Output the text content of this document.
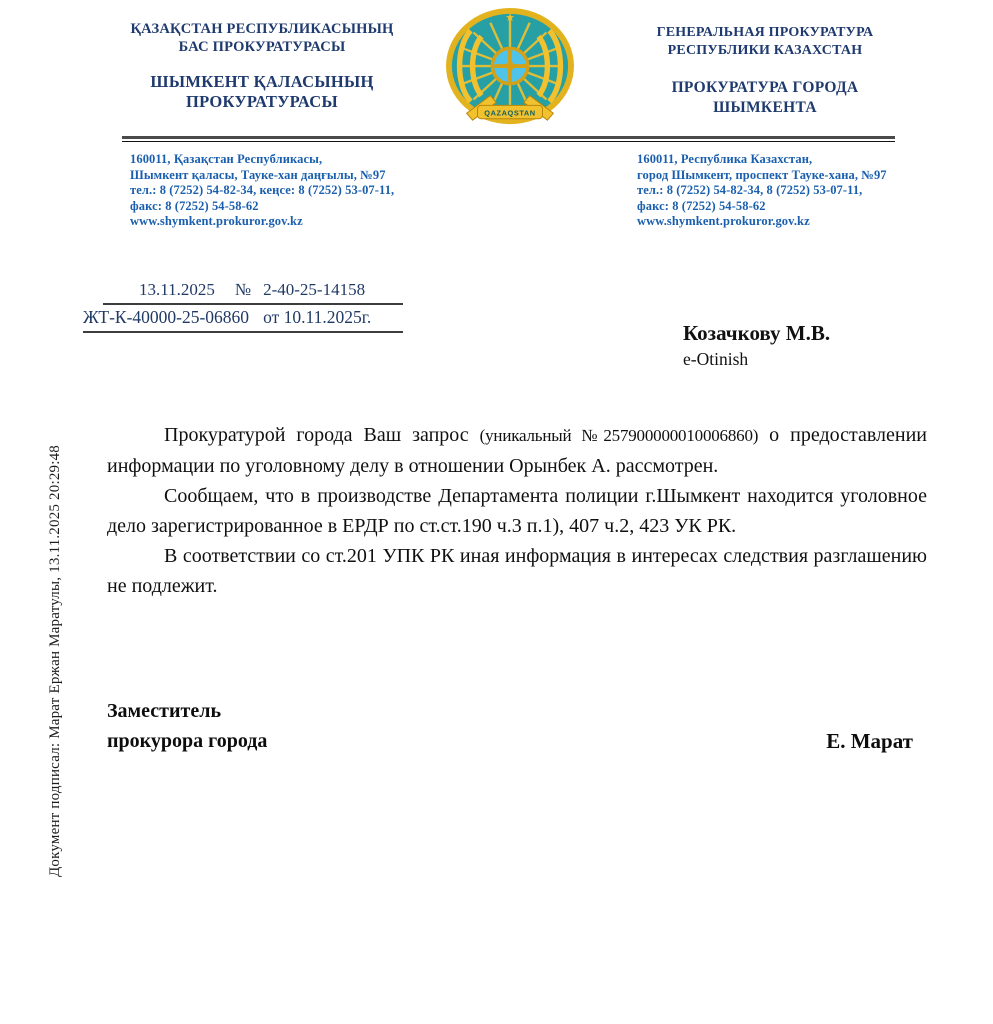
ҚАЗАҚСТАН РЕСПУБЛИКАСЫНЫҢ
БАС ПРОКУРАТУРАСЫ
ШЫМКЕНТ ҚАЛАСЫНЫҢ
ПРОКУРАТУРАСЫ
★
QAZAQSTAN
ГЕНЕРАЛЬНАЯ ПРОКУРАТУРА
РЕСПУБЛИКИ КАЗАХСТАН
ПРОКУРАТУРА ГОРОДА
ШЫМКЕНТА
160011, Қазақстан Республикасы,
Шымкент қаласы, Тауке-хан даңғылы, №97
тел.: 8 (7252) 54-82-34, кеңсе: 8 (7252) 53-07-11,
факс: 8 (7252) 54-58-62
www.shymkent.prokuror.gov.kz
160011, Республика Казахстан,
город Шымкент, проспект Тауке-хана, №97
тел.: 8 (7252) 54-82-34, 8 (7252) 53-07-11,
факс: 8 (7252) 54-58-62
www.shymkent.prokuror.gov.kz
13.11.2025 № 2-40-25-14158
ЖТ-К-40000-25-06860 от 10.11.2025г.
Козачкову М.В.
e-Otinish

Прокуратурой города Ваш запрос (уникальный №257900000010006860) о предоставлении информации по уголовному делу в отношении Орынбек А. рассмотрен.

Сообщаем, что в производстве Департамента полиции г.Шымкент находится уголовное дело зарегистрированное в ЕРДР по ст.ст.190 ч.3 п.1), 407 ч.2, 423 УК РК.

В соответствии со ст.201 УПК РК иная информация в интересах следствия разглашению не подлежит.

Заместитель
прокурора города	Е. Марат
Документ подписал: Марат Ержан Маратулы, 13.11.2025 20:29:48
